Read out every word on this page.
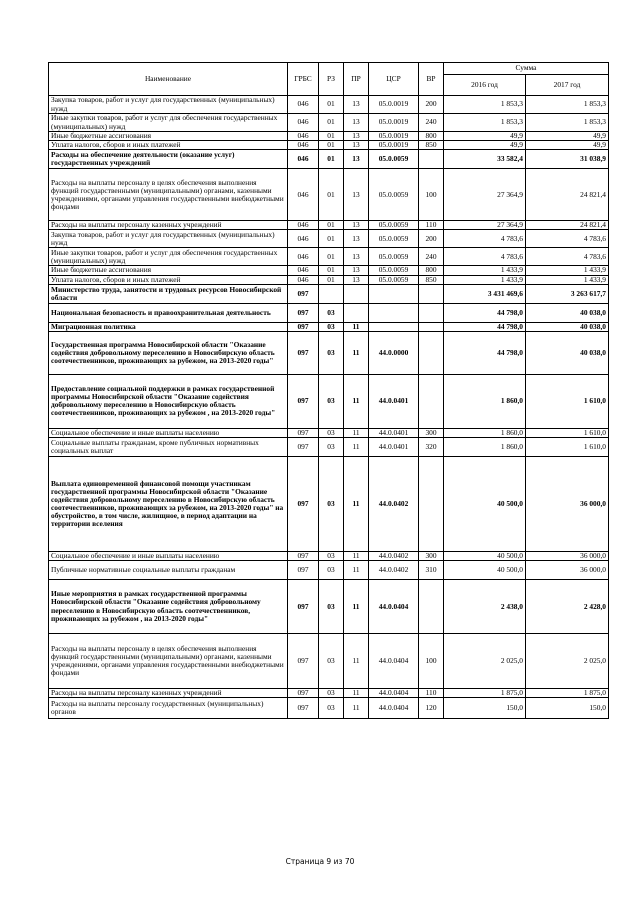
Наименование	ГРБС	РЗ	ПР	ЦСР	ВР	Сумма	
						2016 год	2017 год
Закупка товаров, работ и услуг для государственных (муниципальных) нужд	046	01	13	05.0.0019	200	1 853,3	1 853,3
Иные закупки товаров, работ и услуг для обеспечения государственных (муниципальных) нужд	046	01	13	05.0.0019	240	1 853,3	1 853,3
Иные бюджетные ассигнования	046	01	13	05.0.0019	800	49,9	49,9
Уплата налогов, сборов и иных платежей	046	01	13	05.0.0019	850	49,9	49,9
Расходы на обеспечение деятельности (оказание услуг) государственных учреждений	046	01	13	05.0.0059		33 582,4	31 038,9
Расходы на выплаты персоналу в целях обеспечения выполнения функций государственными (муниципальными) органами, казенными учреждениями, органами управления государственными внебюджетными фондами	046	01	13	05.0.0059	100	27 364,9	24 821,4
Расходы на выплаты персоналу казенных учреждений	046	01	13	05.0.0059	110	27 364,9	24 821,4
Закупка товаров, работ и услуг для государственных (муниципальных) нужд	046	01	13	05.0.0059	200	4 783,6	4 783,6
Иные закупки товаров, работ и услуг для обеспечения государственных (муниципальных) нужд	046	01	13	05.0.0059	240	4 783,6	4 783,6
Иные бюджетные ассигнования	046	01	13	05.0.0059	800	1 433,9	1 433,9
Уплата налогов, сборов и иных платежей	046	01	13	05.0.0059	850	1 433,9	1 433,9
Министерство труда, занятости и трудовых ресурсов Новосибирской области	097					3 431 469,6	3 263 617,7
Национальная безопасность и правоохранительная деятельность	097	03				44 798,0	40 038,0
Миграционная политика	097	03	11			44 798,0	40 038,0
Государственная программа Новосибирской области "Оказание содействия добровольному переселению в Новосибирскую область соотечественников, проживающих за рубежом, на 2013-2020 годы"	097	03	11	44.0.0000		44 798,0	40 038,0
Предоставление социальной поддержки в рамках государственной программы Новосибирской области "Оказание содействия добровольному переселению в Новосибирскую область соотечественников, проживающих за рубежом , на 2013-2020 годы"	097	03	11	44.0.0401		1 860,0	1 610,0
Социальное обеспечение и иные выплаты населению	097	03	11	44.0.0401	300	1 860,0	1 610,0
Социальные выплаты гражданам, кроме публичных нормативных социальных выплат	097	03	11	44.0.0401	320	1 860,0	1 610,0
Выплата единовременной финансовой помощи участникам государственной программы Новосибирской области "Оказание содействия добровольному переселению в Новосибирскую область соотечественников, проживающих за рубежом, на 2013-2020 годы" на обустройство, в том числе, жилищное, в период адаптации на территории вселения	097	03	11	44.0.0402		40 500,0	36 000,0
Социальное обеспечение и иные выплаты населению	097	03	11	44.0.0402	300	40 500,0	36 000,0
Публичные нормативные социальные выплаты гражданам	097	03	11	44.0.0402	310	40 500,0	36 000,0
Иные мероприятия в рамках государственной программы Новосибирской области "Оказание содействия добровольному переселению в Новосибирскую область соотечественников, проживающих за рубежом , на 2013-2020 годы"	097	03	11	44.0.0404		2 438,0	2 428,0
Расходы на выплаты персоналу в целях обеспечения выполнения функций государственными (муниципальными) органами, казенными учреждениями, органами управления государственными внебюджетными фондами	097	03	11	44.0.0404	100	2 025,0	2 025,0
Расходы на выплаты персоналу казенных учреждений	097	03	11	44.0.0404	110	1 875,0	1 875,0
Расходы на выплаты персоналу государственных (муниципальных) органов	097	03	11	44.0.0404	120	150,0	150,0
Страница 9 из 70
